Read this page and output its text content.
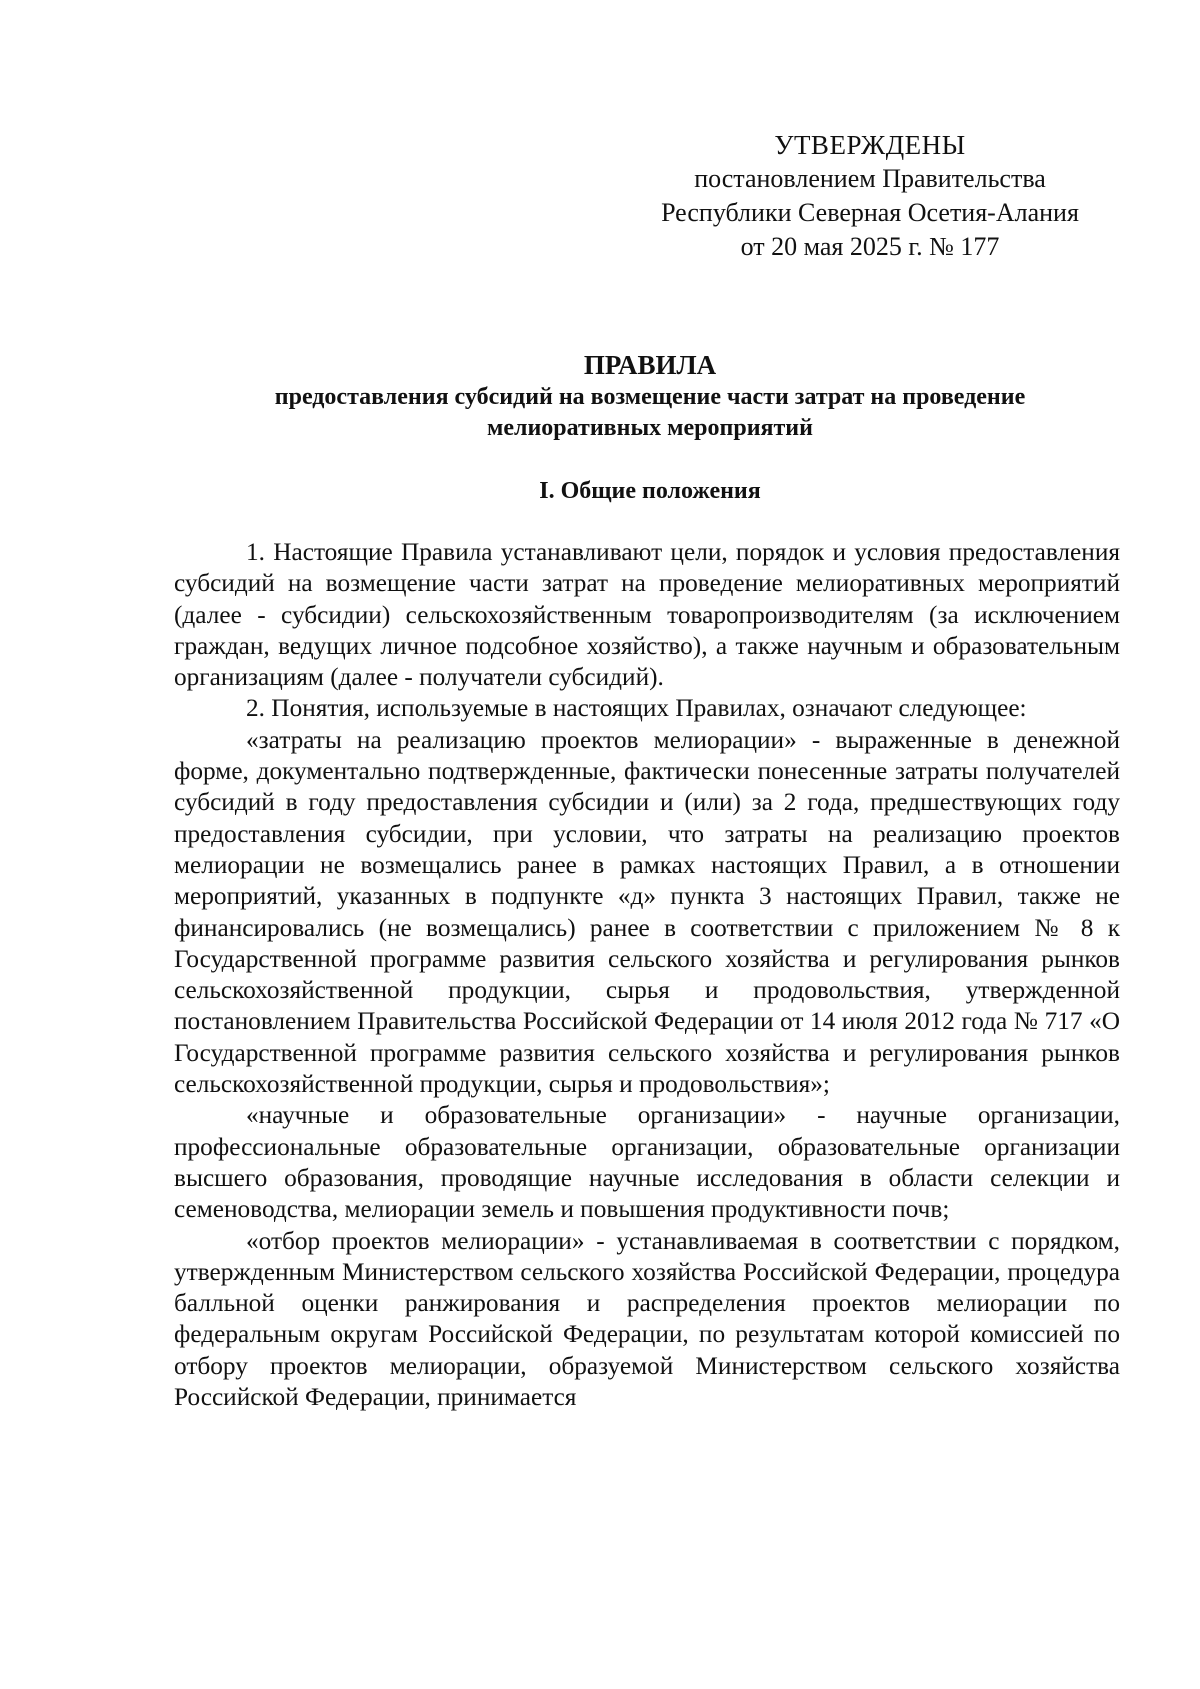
УТВЕРЖДЕНЫ
постановлением Правительства
Республики Северная Осетия-Алания
от 20 мая 2025 г. № 177
ПРАВИЛА
предоставления субсидий на возмещение части затрат на проведение
мелиоративных мероприятий
I. Общие положения

1. Настоящие Правила устанавливают цели, порядок и условия предоставления субсидий на возмещение части затрат на проведение мелиоративных мероприятий (далее - субсидии) сельскохозяйственным товаропроизводителям (за исключением граждан, ведущих личное подсобное хозяйство), а также научным и образовательным организациям (далее - получатели субсидий).

2. Понятия, используемые в настоящих Правилах, означают следующее:

«затраты на реализацию проектов мелиорации» - выраженные в денежной форме, документально подтвержденные, фактически понесенные затраты получателей субсидий в году предоставления субсидии и (или) за 2 года, предшествующих году предоставления субсидии, при условии, что затраты на реализацию проектов мелиорации не возмещались ранее в рамках настоящих Правил, а в отношении мероприятий, указанных в подпункте «д» пункта 3 настоящих Правил, также не финансировались (не возмещались) ранее в соответствии с приложением № 8 к Государственной программе развития сельского хозяйства и регулирования рынков сельскохозяйственной продукции, сырья и продовольствия, утвержденной постановлением Правительства Российской Федерации от 14 июля 2012 года № 717 «О Государственной программе развития сельского хозяйства и регулирования рынков сельскохозяйственной продукции, сырья и продовольствия»;

«научные и образовательные организации» - научные организации, профессиональные образовательные организации, образовательные организации высшего образования, проводящие научные исследования в области селекции и семеноводства, мелиорации земель и повышения продуктивности почв;

«отбор проектов мелиорации» - устанавливаемая в соответствии с порядком, утвержденным Министерством сельского хозяйства Российской Федерации, процедура балльной оценки ранжирования и распределения проектов мелиорации по федеральным округам Российской Федерации, по результатам которой комиссией по отбору проектов мелиорации, образуемой Министерством сельского хозяйства Российской Федерации, принимается
